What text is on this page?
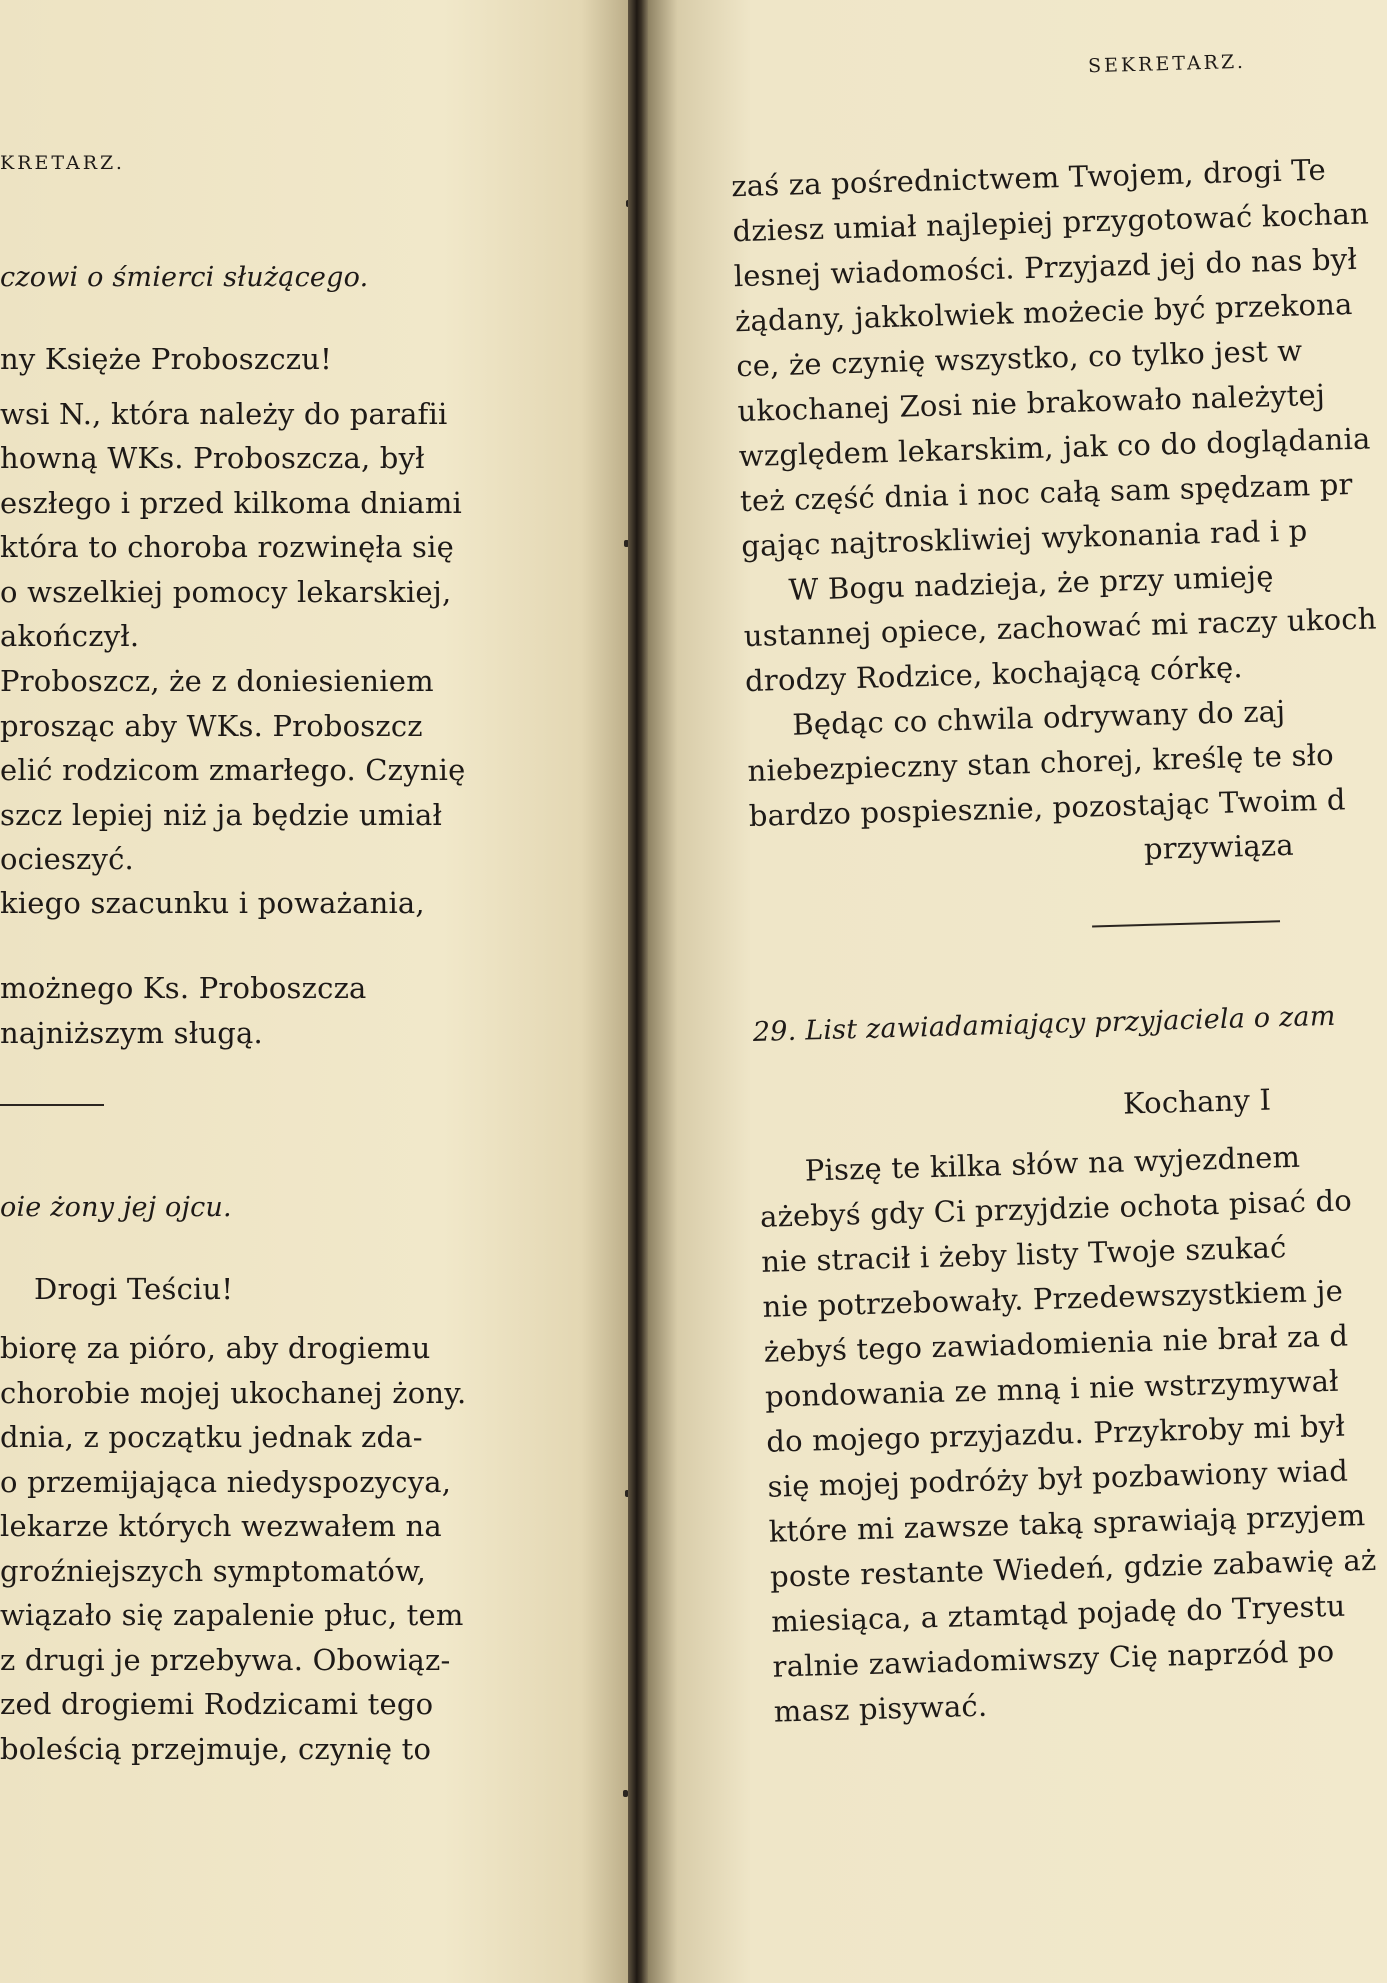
KRETARZ.
czowi o śmierci służącego.
ny Księże Proboszczu!
wsi N., która należy do parafii
howną WKs. Proboszcza, był
eszłego i przed kilkoma dniami
która to choroba rozwinęła się
o wszelkiej pomocy lekarskiej,
akończył.
Proboszcz, że z doniesieniem
prosząc aby WKs. Proboszcz
elić rodzicom zmarłego. Czynię
szcz lepiej niż ja będzie umiał
ocieszyć.
kiego szacunku i poważania,
możnego Ks. Proboszcza
najniższym sługą.
oie żony jej ojcu.
Drogi Teściu!
biorę za pióro, aby drogiemu
chorobie mojej ukochanej żony.
dnia, z początku jednak zda-
o przemijająca niedyspozycya,
lekarze których wezwałem na
groźniejszych symptomatów,
wiązało się zapalenie płuc, tem
z drugi je przebywa. Obowiąz-
zed drogiemi Rodzicami tego
boleścią przejmuje, czynię to
SEKRETARZ.
zaś za pośrednictwem Twojem, drogi Te
dziesz umiał najlepiej przygotować kochan
lesnej wiadomości. Przyjazd jej do nas był
żądany, jakkolwiek możecie być przekona
ce, że czynię wszystko, co tylko jest w
ukochanej Zosi nie brakowało należytej
względem lekarskim, jak co do doglądania
też część dnia i noc całą sam spędzam pr
gając najtroskliwiej wykonania rad i p
W Bogu nadzieja, że przy umieję
ustannej opiece, zachować mi raczy ukoch
drodzy Rodzice, kochającą córkę.
Będąc co chwila odrywany do zaj
niebezpieczny stan chorej, kreślę te sło
bardzo pospiesznie, pozostając Twoim d
przywiąza
29. List zawiadamiający przyjaciela o zam
Kochany I
Piszę te kilka słów na wyjezdnem
ażebyś gdy Ci przyjdzie ochota pisać do
nie stracił i żeby listy Twoje szukać
nie potrzebowały. Przedewszystkiem je
żebyś tego zawiadomienia nie brał za d
pondowania ze mną i nie wstrzymywał
do mojego przyjazdu. Przykroby mi był
się mojej podróży był pozbawiony wiad
które mi zawsze taką sprawiają przyjem
poste restante Wiedeń, gdzie zabawię aż
miesiąca, a ztamtąd pojadę do Tryestu
ralnie zawiadomiwszy Cię naprzód po
masz pisywać.
